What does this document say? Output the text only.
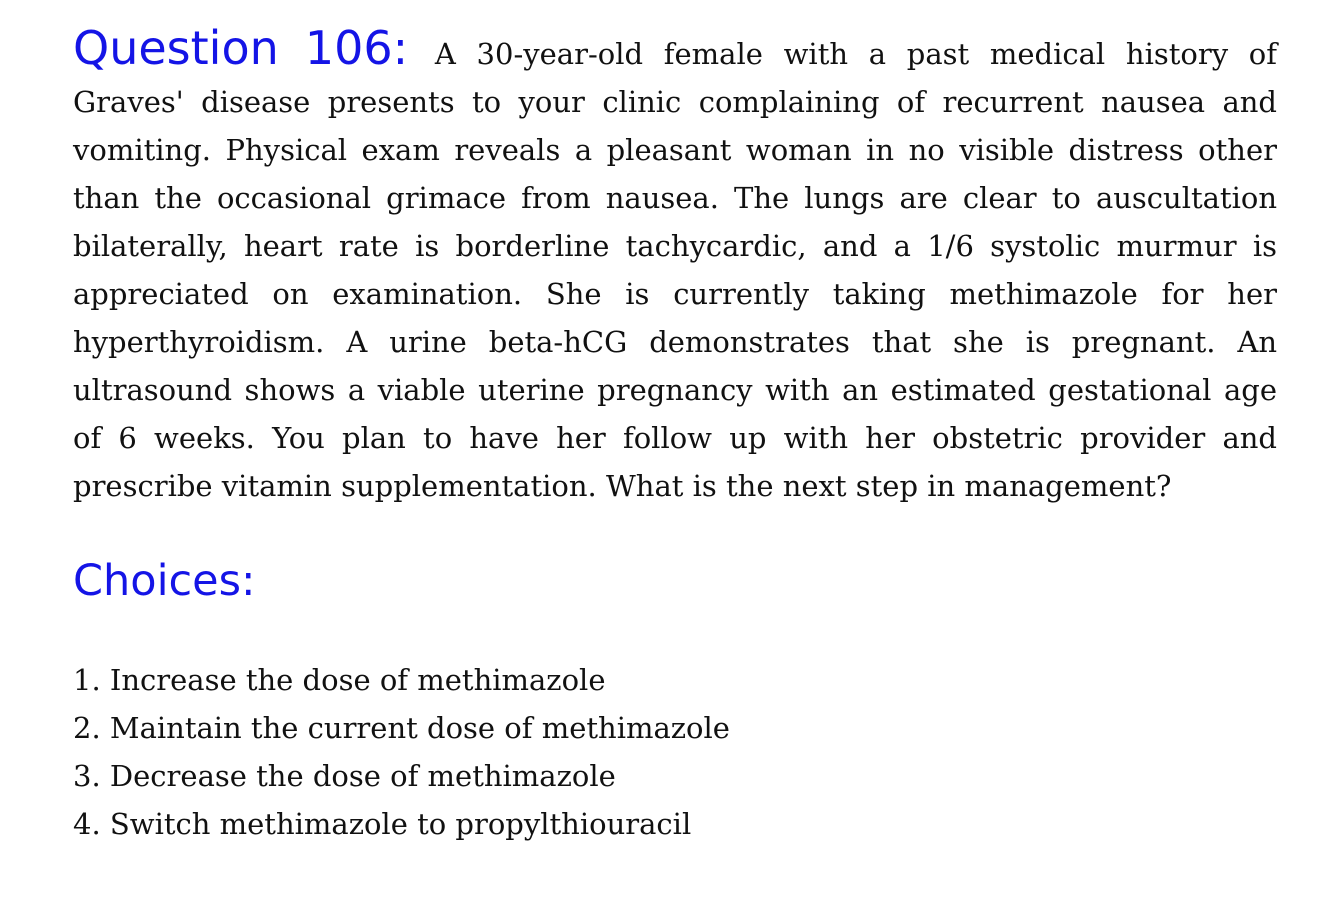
Question 106: A 30-year-old female with a past medical history of Graves' disease presents to your clinic complaining of recurrent nausea and vomiting. Physical exam reveals a pleasant woman in no visible distress other than the occasional grimace from nausea. The lungs are clear to auscultation bilaterally, heart rate is borderline tachycardic, and a 1/6 systolic murmur is appreciated on examination. She is currently taking methimazole for her hyperthyroidism. A urine beta-hCG demonstrates that she is pregnant. An ultrasound shows a viable uterine pregnancy with an estimated gestational age of 6 weeks. You plan to have her follow up with her obstetric provider and prescribe vitamin supplementation. What is the next step in management?

Choices:
1. Increase the dose of methimazole
2. Maintain the current dose of methimazole
3. Decrease the dose of methimazole
4. Switch methimazole to propylthiouracil
